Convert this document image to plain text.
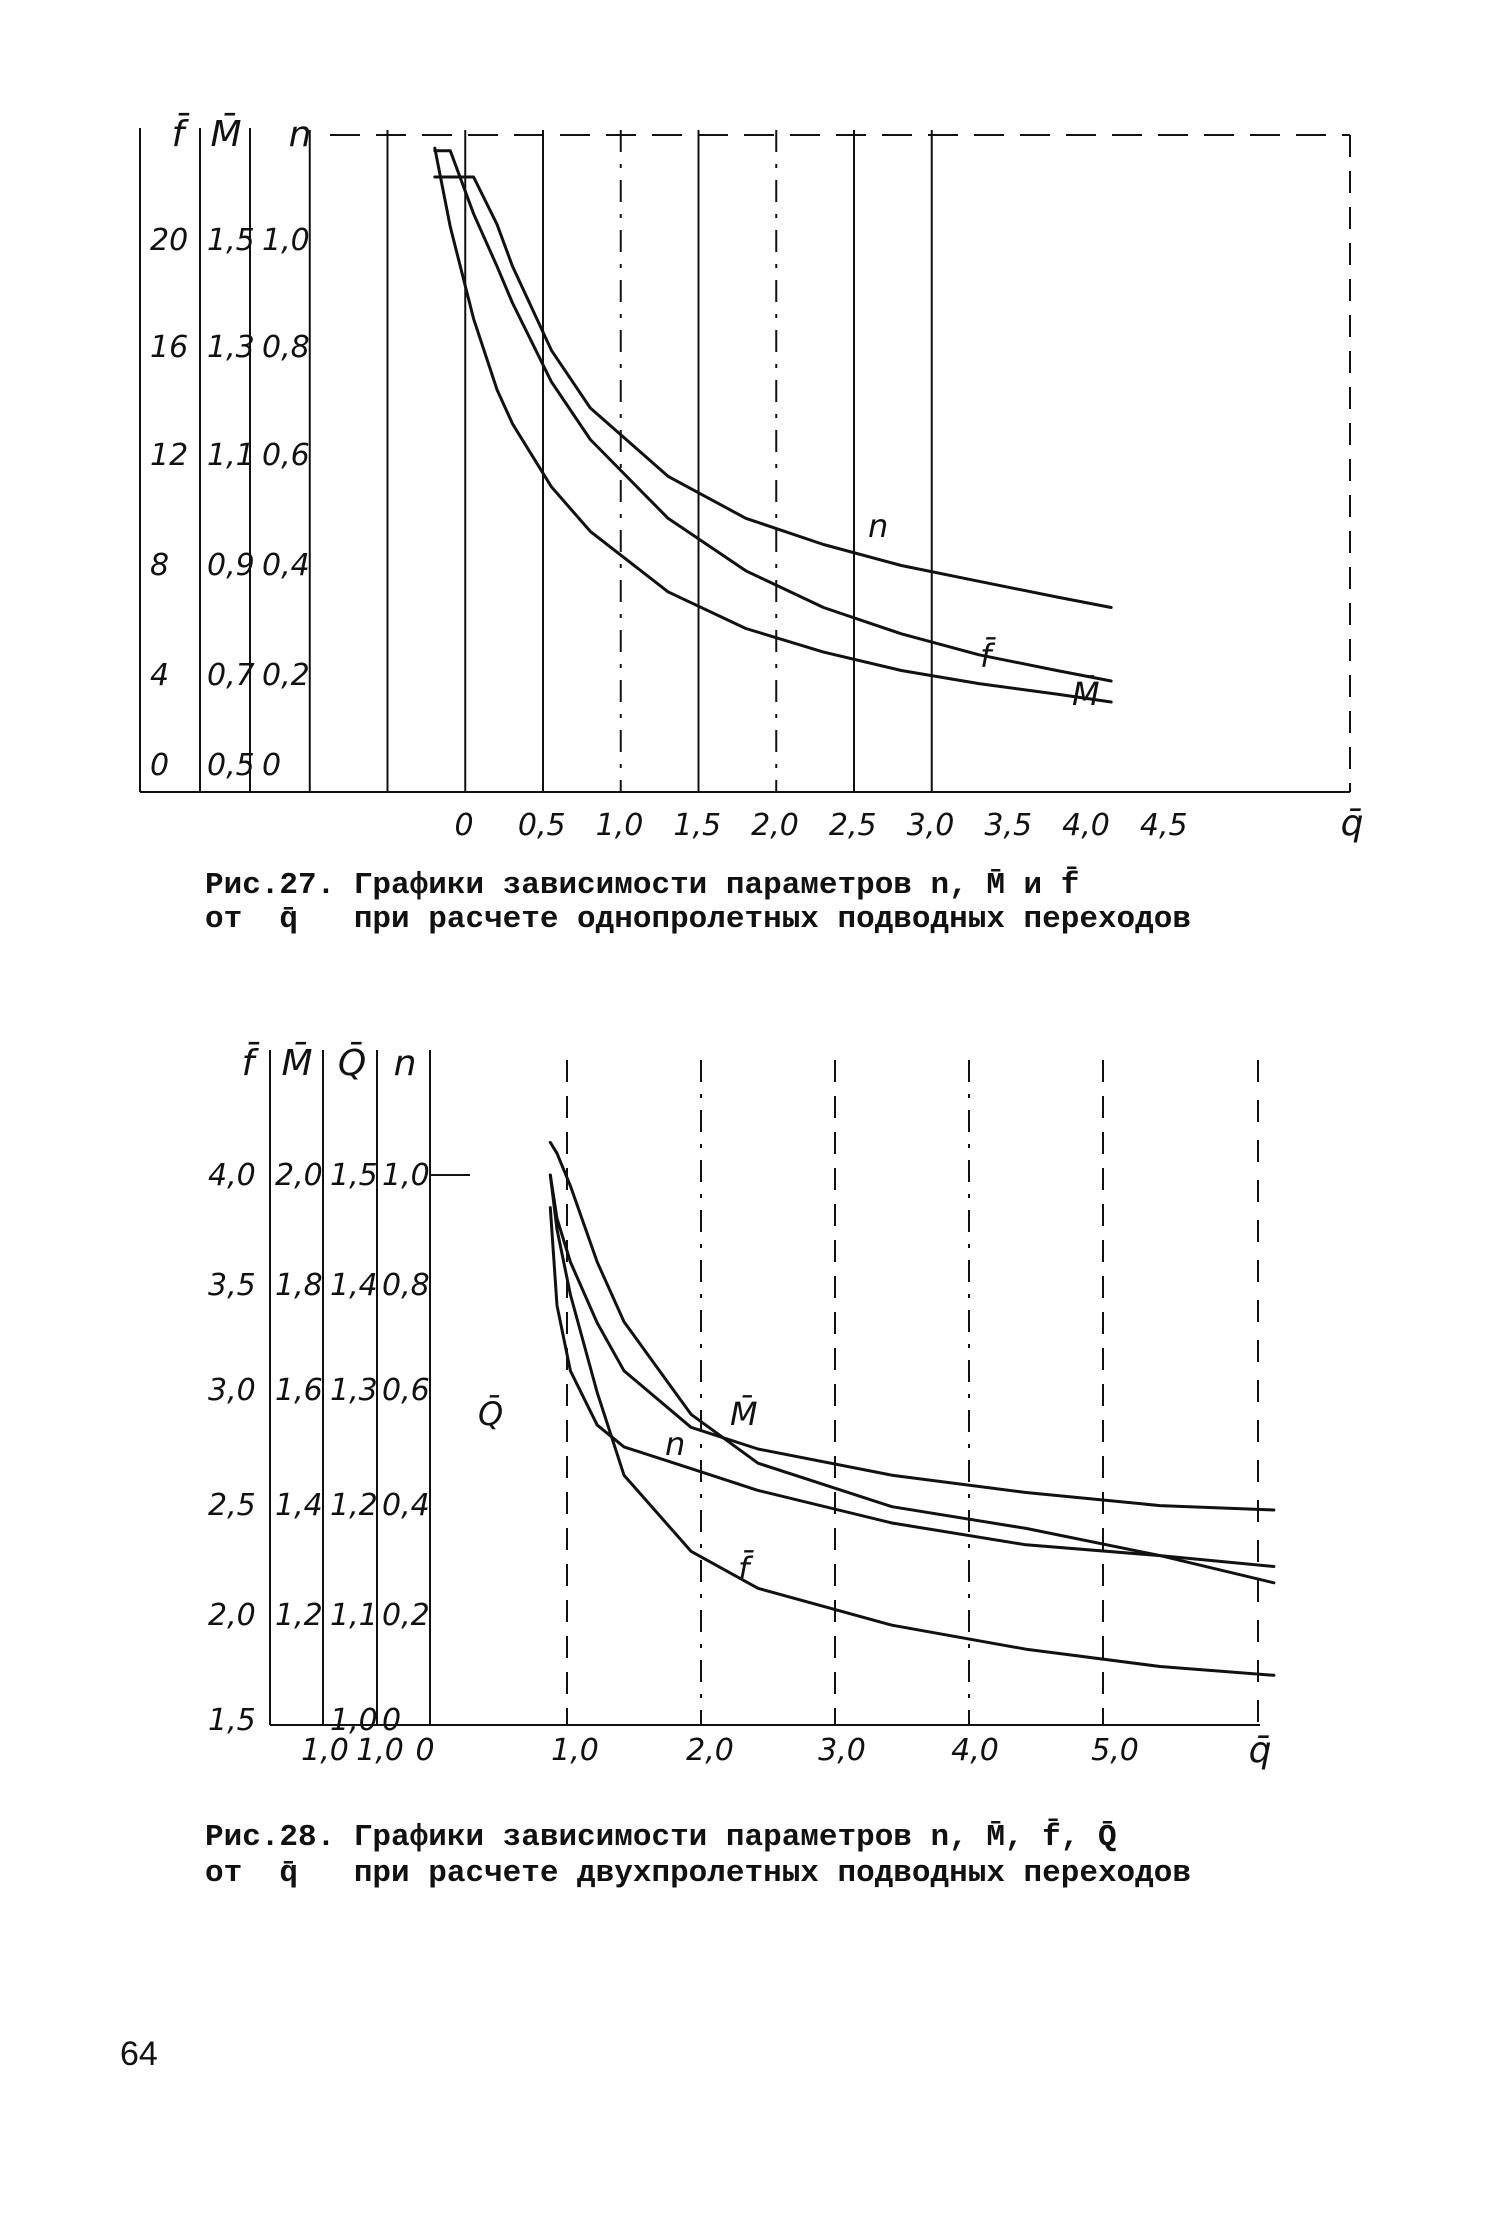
f̄ M̄ n
0
4
8
12
16
20
0,5
0,7
0,9
1,1
1,3
1,5
0
0,2
0,4
0,6
0,8
1,0
0 0,5 1,0 1,5 2,0 2,5 3,0 3,5 4,0 4,5	q̄
n
f̄
M̄
f̄ M̄ Q̄ n
1,5
2,0
2,5
3,0
3,5
4,0
1,2
1,4
1,6
1,8
2,0
1,0
1,1
1,2
1,3
1,4
1,5
0
0,2
0,4
0,6
0,8
1,0
1,0 1,0 0	1,0	2,0	3,0	4,0	5,0	q̄
M̄
n
Q̄
f̄
Рис.27. Графики зависимости параметров n, M̄ и f̄
от  q̄   при расчете однопролетных подводных переходов
Рис.28. Графики зависимости параметров n, M̄, f̄, Q̄
от  q̄   при расчете двухпролетных подводных переходов
64
